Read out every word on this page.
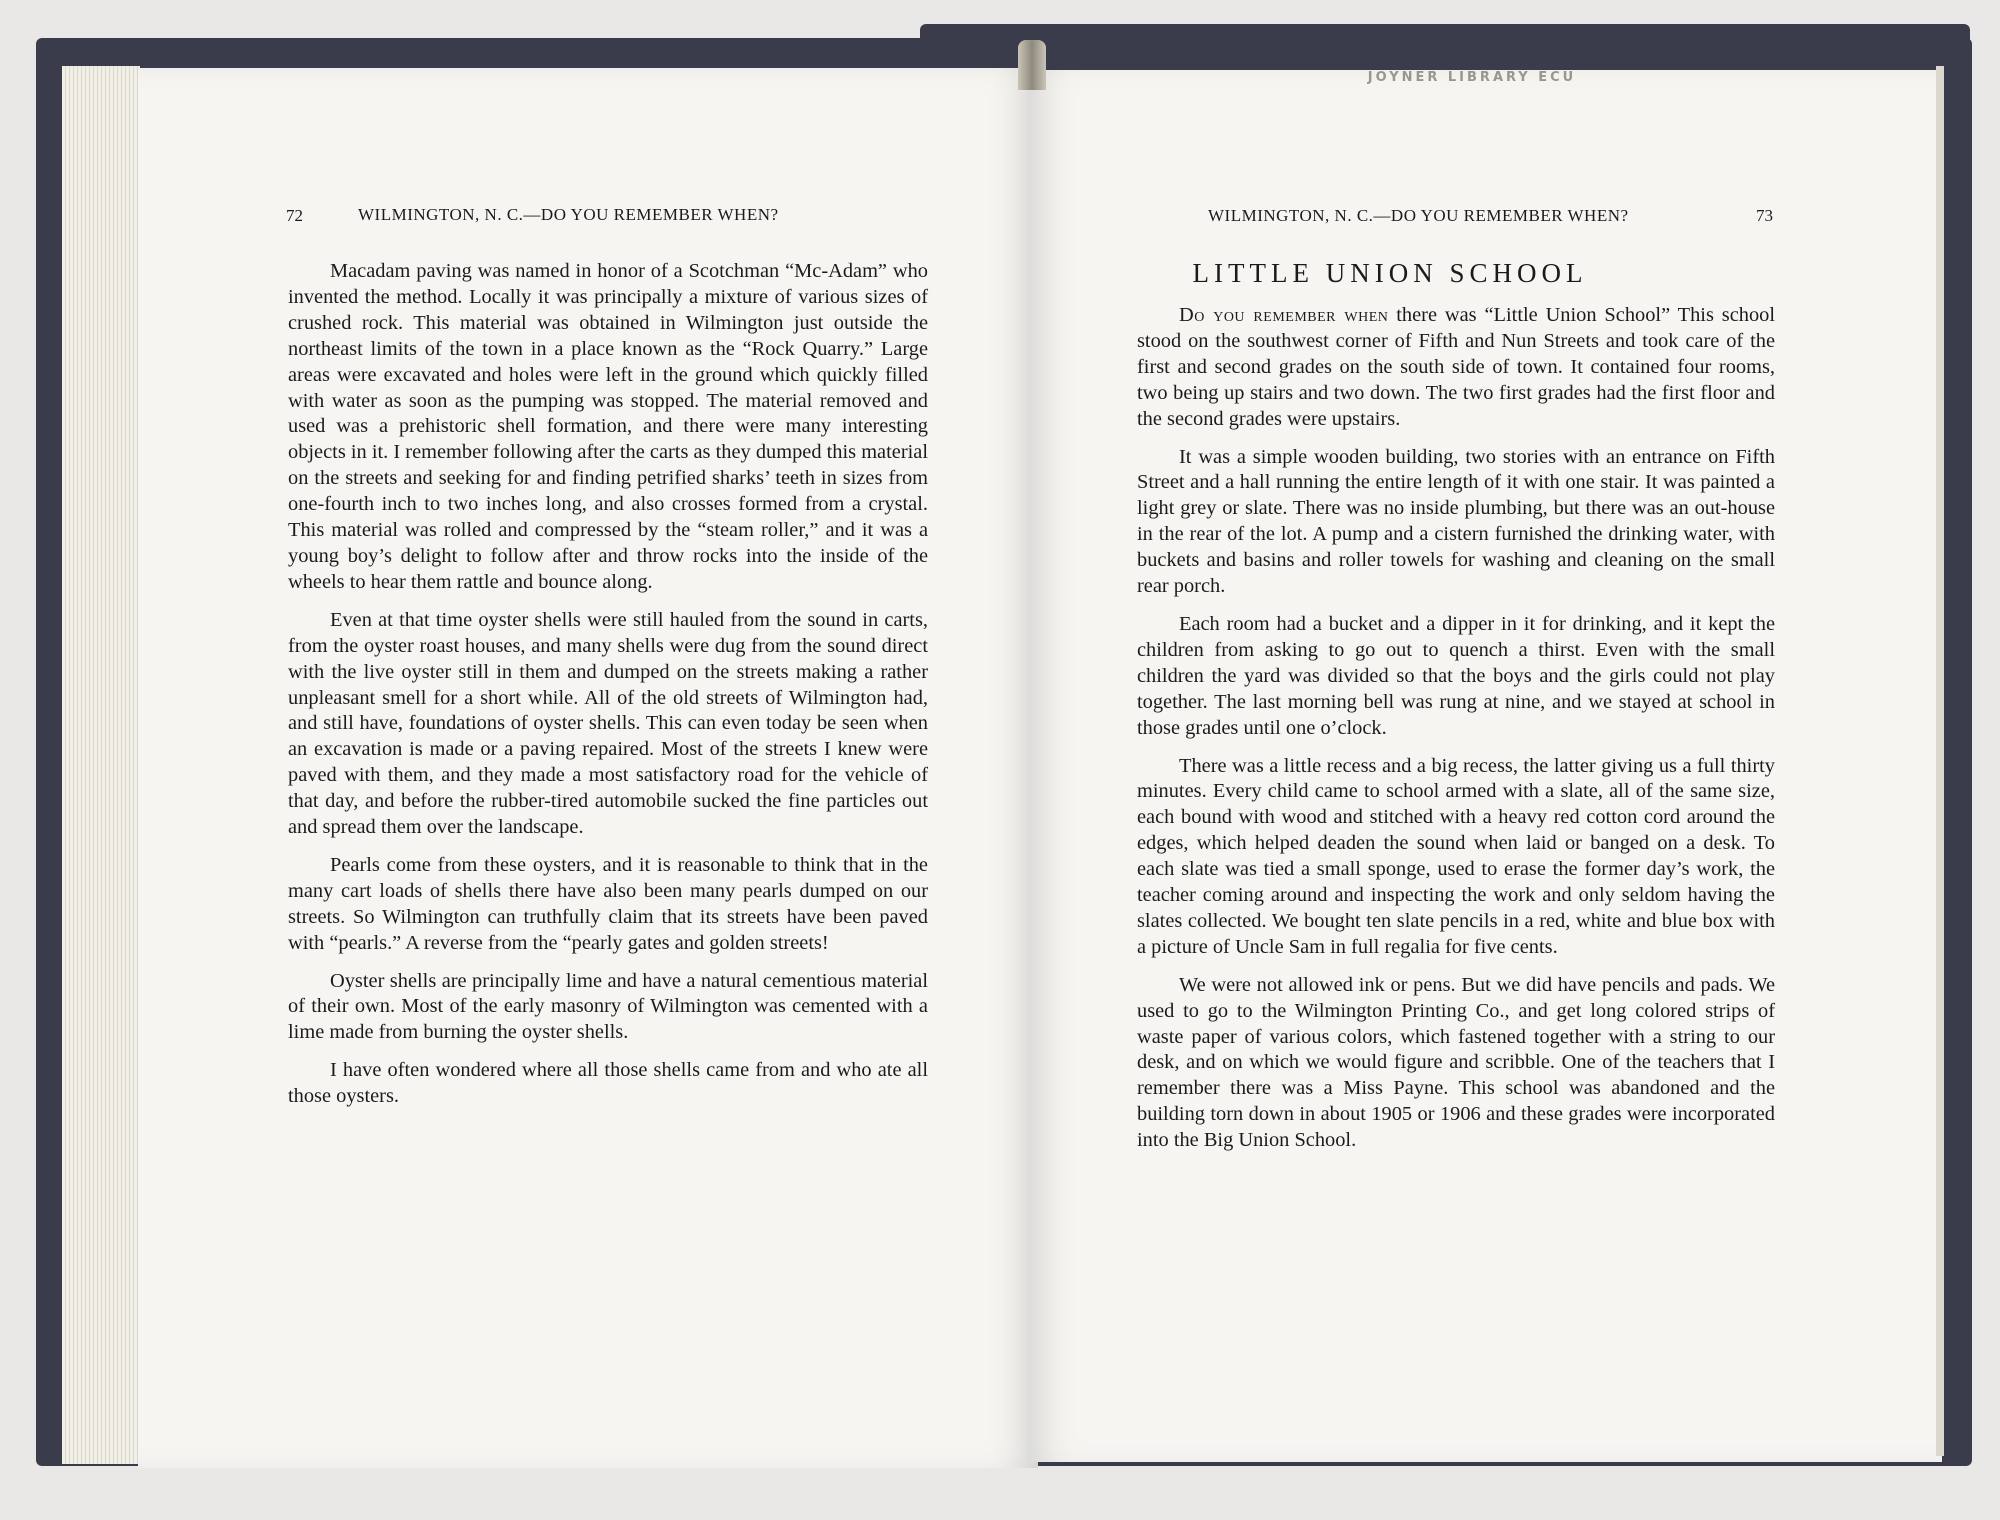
JOYNER LIBRARY ECU
72	WILMINGTON, N. C.—DO YOU REMEMBER WHEN?

Macadam paving was named in honor of a Scotchman “Mc-Adam” who invented the method. Locally it was principally a mixture of various sizes of crushed rock. This material was obtained in Wilmington just outside the northeast limits of the town in a place known as the “Rock Quarry.” Large areas were excavated and holes were left in the ground which quickly filled with water as soon as the pumping was stopped. The material removed and used was a prehistoric shell formation, and there were many interesting objects in it. I remember following after the carts as they dumped this material on the streets and seeking for and finding petrified sharks’ teeth in sizes from one-fourth inch to two inches long, and also crosses formed from a crystal. This material was rolled and compressed by the “steam roller,” and it was a young boy’s delight to follow after and throw rocks into the inside of the wheels to hear them rattle and bounce along.

Even at that time oyster shells were still hauled from the sound in carts, from the oyster roast houses, and many shells were dug from the sound direct with the live oyster still in them and dumped on the streets making a rather unpleasant smell for a short while. All of the old streets of Wilmington had, and still have, foundations of oyster shells. This can even today be seen when an excavation is made or a paving repaired. Most of the streets I knew were paved with them, and they made a most satisfactory road for the vehicle of that day, and before the rubber-tired automobile sucked the fine particles out and spread them over the landscape.

Pearls come from these oysters, and it is reasonable to think that in the many cart loads of shells there have also been many pearls dumped on our streets. So Wilmington can truthfully claim that its streets have been paved with “pearls.” A reverse from the “pearly gates and golden streets!

Oyster shells are principally lime and have a natural cementious material of their own. Most of the early masonry of Wilmington was cemented with a lime made from burning the oyster shells.

I have often wondered where all those shells came from and who ate all those oysters.

WILMINGTON, N. C.—DO YOU REMEMBER WHEN?	73
LITTLE UNION SCHOOL

Do you remember when there was “Little Union School” This school stood on the southwest corner of Fifth and Nun Streets and took care of the first and second grades on the south side of town. It contained four rooms, two being up stairs and two down. The two first grades had the first floor and the second grades were upstairs.

It was a simple wooden building, two stories with an entrance on Fifth Street and a hall running the entire length of it with one stair. It was painted a light grey or slate. There was no inside plumbing, but there was an out-house in the rear of the lot. A pump and a cistern furnished the drinking water, with buckets and basins and roller towels for washing and cleaning on the small rear porch.

Each room had a bucket and a dipper in it for drinking, and it kept the children from asking to go out to quench a thirst. Even with the small children the yard was divided so that the boys and the girls could not play together. The last morning bell was rung at nine, and we stayed at school in those grades until one o’clock.

There was a little recess and a big recess, the latter giving us a full thirty minutes. Every child came to school armed with a slate, all of the same size, each bound with wood and stitched with a heavy red cotton cord around the edges, which helped deaden the sound when laid or banged on a desk. To each slate was tied a small sponge, used to erase the former day’s work, the teacher coming around and inspecting the work and only seldom having the slates collected. We bought ten slate pencils in a red, white and blue box with a picture of Uncle Sam in full regalia for five cents.

We were not allowed ink or pens. But we did have pencils and pads. We used to go to the Wilmington Printing Co., and get long colored strips of waste paper of various colors, which fastened together with a string to our desk, and on which we would figure and scribble. One of the teachers that I remember there was a Miss Payne. This school was abandoned and the building torn down in about 1905 or 1906 and these grades were incorporated into the Big Union School.
